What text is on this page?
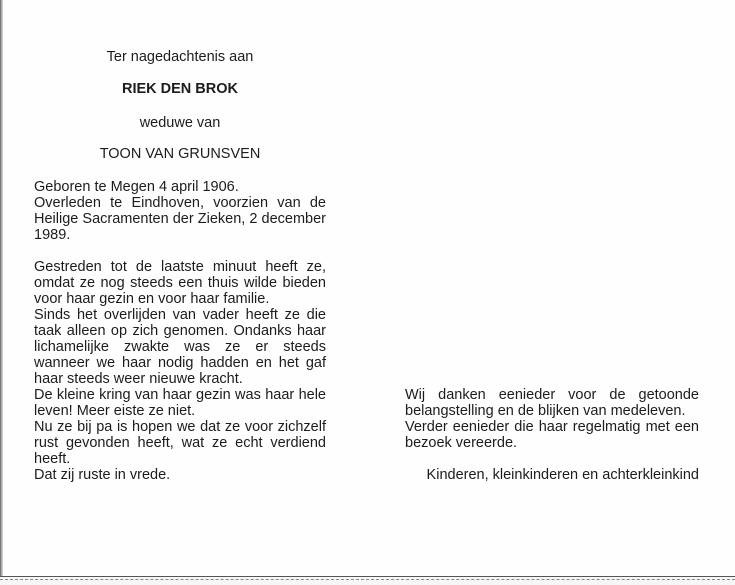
Ter nagedachtenis aan
RIEK DEN BROK
weduwe van
TOON VAN GRUNSVEN

Geboren te Megen 4 april 1906.

Overleden te Eindhoven, voorzien van de Heilige Sacramenten der Zieken, 2 december 1989.

Gestreden tot de laatste minuut heeft ze, omdat ze nog steeds een thuis wilde bieden voor haar gezin en voor haar familie.

Sinds het overlijden van vader heeft ze die taak alleen op zich genomen. Ondanks haar lichamelijke zwakte was ze er steeds wanneer we haar nodig hadden en het gaf haar steeds weer nieuwe kracht.

De kleine kring van haar gezin was haar hele leven! Meer eiste ze niet.

Nu ze bij pa is hopen we dat ze voor zichzelf rust gevonden heeft, wat ze echt verdiend heeft.

Dat zij ruste in vrede.

Wij danken eenieder voor de getoonde belangstelling en de blijken van medeleven.

Verder eenieder die haar regelmatig met een bezoek vereerde.

Kinderen, kleinkinderen en achterkleinkind
